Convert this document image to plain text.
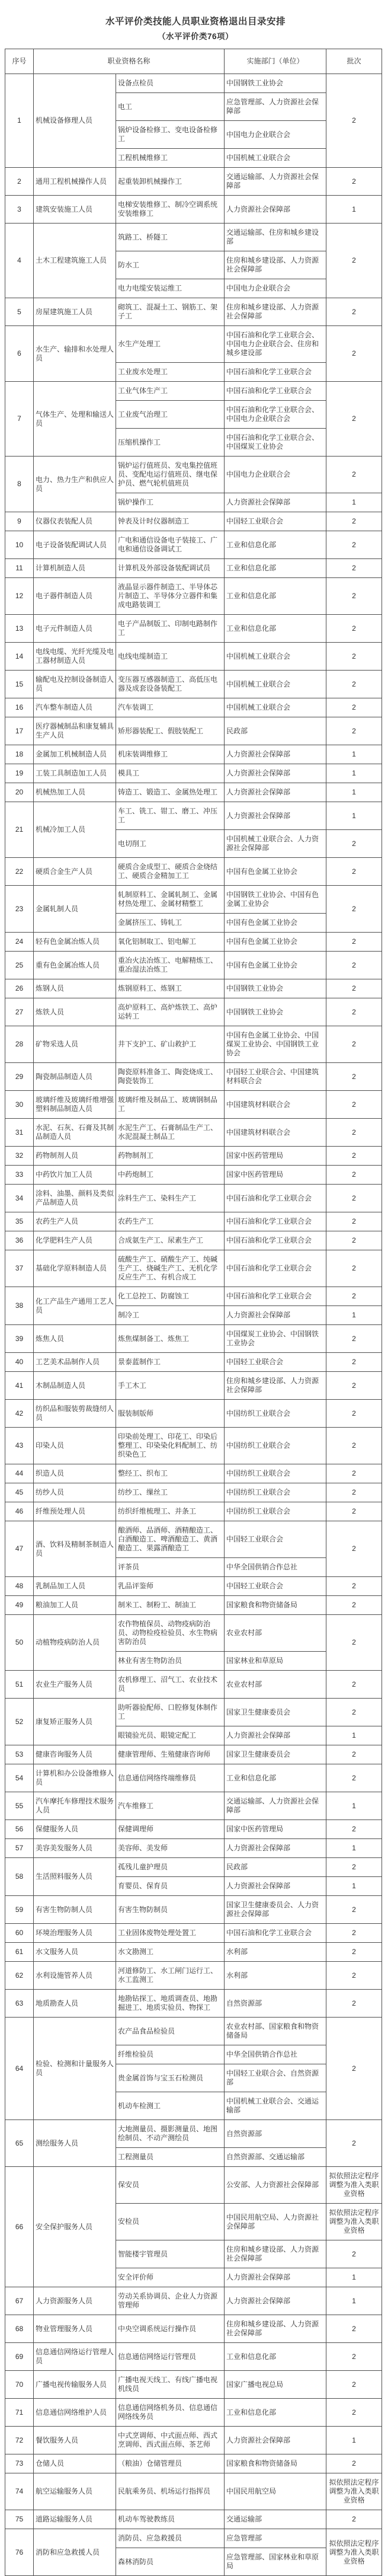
水平评价类技能人员职业资格退出目录安排
（水平评价类76项）
序号	职业资格名称		实施部门（单位）	批次
1	机械设备修理人员	设备点检员	中国钢铁工业协会	2
		电工	应急管理部、人力资源社会保障部	
		锅炉设备检修工、变电设备检修工	中国电力企业联合会	
		工程机械维修工	中国机械工业联合会	
2	通用工程机械操作人员	起重装卸机械操作工	交通运输部、人力资源社会保障部	2
3	建筑安装施工人员	电梯安装维修工、制冷空调系统安装维修工	人力资源社会保障部	1
4	土木工程建筑施工人员	筑路工、桥隧工	交通运输部、住房和城乡建设部	2
		防水工	住房和城乡建设部、人力资源社会保障部	
		电力电缆安装运维工	中国电力企业联合会	
5	房屋建筑施工人员	砌筑工、混凝土工、钢筋工、架子工	住房和城乡建设部、人力资源社会保障部	2
6	水生产、输排和水处理人员	水生产处理工	中国石油和化学工业联合会、中国电力企业联合会、住房和城乡建设部	2
		工业废水处理工	中国石油和化学工业联合会	
7	气体生产、处理和输送人员	工业气体生产工	中国石油和化学工业联合会	2
		工业废气治理工	中国石油和化学工业联合会、中国电力企业联合会	
		压缩机操作工	中国石油和化学工业联合会、中国煤炭工业协会	
8	电力、热力生产和供应人员	锅炉运行值班员、发电集控值班员、变配电运行值班员、继电保护员、燃气轮机值班员	中国电力企业联合会	2
		锅炉操作工	人力资源社会保障部	1
9	仪器仪表装配人员	钟表及计时仪器制造工	中国轻工业联合会	2
10	电子设备装配调试人员	广电和通信设备电子装接工、广电和通信设备调试工	工业和信息化部	2
11	计算机制造人员	计算机及外部设备装配调试员	工业和信息化部	2
12	电子器件制造人员	液晶显示器件制造工、半导体芯片制造工、半导体分立器件和集成电路装调工	工业和信息化部	2
13	电子元件制造人员	电子产品制版工、印制电路制作工	工业和信息化部	2
14	电线电缆、光纤光缆及电工器材制造人员	电线电缆制造工	中国机械工业联合会	2
15	输配电及控制设备制造人员	变压器互感器制造工、高低压电器及成套设备装配工	中国机械工业联合会	2
16	汽车整车制造人员	汽车装调工	中国机械工业联合会	2
17	医疗器械制品和康复辅具生产人员	矫形器装配工、假肢装配工	民政部	2
18	金属加工机械制造人员	机床装调维修工	人力资源社会保障部	1
19	工装工具制造加工人员	模具工	人力资源社会保障部	1
20	机械热加工人员	铸造工、锻造工、金属热处理工	人力资源社会保障部	1
21	机械冷加工人员	车工、铣工、钳工、磨工、冲压工	人力资源社会保障部	1
		电切削工	中国机械工业联合会、人力资源社会保障部	2
22	硬质合金生产人员	硬质合金成型工、硬质合金烧结工、硬质合金精加工工	中国有色金属工业协会	2
23	金属轧制人员	轧制原料工、金属轧制工、金属材热处理工、金属材精整工	中国钢铁工业协会、中国有色金属工业协会	2
		金属挤压工、铸轧工	中国有色金属工业协会	
24	轻有色金属冶炼人员	氧化铝制取工、铝电解工	中国有色金属工业协会	2
25	重有色金属冶炼人员	重冶火法冶炼工、电解精炼工、重冶湿法冶炼工	中国有色金属工业协会	2
26	炼钢人员	炼钢原料工、炼钢工	中国钢铁工业协会	2
27	炼铁人员	高炉原料工、高炉炼铁工、高炉运转工	中国钢铁工业协会	2
28	矿物采选人员	井下支护工、矿山救护工	中国有色金属工业协会、中国煤炭工业协会、中国钢铁工业协会	2
29	陶瓷制品制造人员	陶瓷原料准备工、陶瓷烧成工、陶瓷装饰工	中国轻工业联合会、中国建筑材料联合会	2
30	玻璃纤维及玻璃纤维增强塑料制品制造人员	玻璃纤维及制品工、玻璃钢制品工	中国建筑材料联合会	2
31	水泥、石灰、石膏及其制品制造人员	水泥生产工、石膏制品生产工、水泥混凝土制品工	中国建筑材料联合会	2
32	药物制剂人员	药物制剂工	国家中医药管理局	2
33	中药饮片加工人员	中药炮制工	国家中医药管理局	2
34	涂料、油墨、颜料及类似产品制造人员	涂料生产工、染料生产工	中国石油和化学工业联合会	2
35	农药生产人员	农药生产工	中国石油和化学工业联合会	2
36	化学肥料生产人员	合成氨生产工、尿素生产工	中国石油和化学工业联合会	2
37	基础化学原料制造人员	硫酸生产工、硝酸生产工、纯碱生产工、烧碱生产工、无机化学反应生产工、有机合成工	中国石油和化学工业联合会	2
38	化工产品生产通用工艺人员	化工总控工、防腐蚀工	中国石油和化学工业联合会	2
		制冷工	人力资源社会保障部	1
39	炼焦人员	炼焦煤制备工、炼焦工	中国煤炭工业协会、中国钢铁工业协会	2
40	工艺美术品制作人员	景泰蓝制作工	中国轻工业联合会	2
41	木制品制造人员	手工木工	住房和城乡建设部、人力资源社会保障部	2
42	纺织品和服装剪裁缝纫人员	服装制版师	中国纺织工业联合会	2
43	印染人员	印染前处理工、印花工、印染后整理工、印染染化料配制工、纺织染色工	中国纺织工业联合会	2
44	织造人员	整经工、织布工	中国纺织工业联合会	2
45	纺纱人员	纺纱工、缫丝工	中国纺织工业联合会	2
46	纤维预处理人员	纺织纤维梳理工、并条工	中国纺织工业联合会	2
47	酒、饮料及精制茶制造人员	酿酒师、品酒师、酒精酿造工、白酒酿造工、啤酒酿造工、黄酒酿造工、果露酒酿造工	中国轻工业联合会	2
		评茶员	中华全国供销合作总社	
48	乳制品加工人员	乳品评鉴师	中国轻工业联合会	2
49	粮油加工人员	制米工、制粉工、制油工	国家粮食和物资储备局	2
50	动植物疫病防治人员	农作物植保员、动物疫病防治员、动物检疫检验员、水生物病害防治员	农业农村部	2
		林业有害生物防治员	国家林业和草原局	
51	农业生产服务人员	农机修理工、沼气工、农业技术员	农业农村部	2
52	康复矫正服务人员	助听器验配师、口腔修复体制作工	国家卫生健康委员会	2
		眼镜验光员、眼镜定配工	人力资源社会保障部	1
53	健康咨询服务人员	健康管理师、生殖健康咨询师	国家卫生健康委员会	2
54	计算机和办公设备维修人员	信息通信网络终端维修员	工业和信息化部	2
55	汽车摩托车修理技术服务人员	汽车维修工	交通运输部、人力资源社会保障部	1
56	保健服务人员	保健调理师	国家中医药管理局	2
57	美容美发服务人员	美容师、美发师	人力资源社会保障部	1
58	生活照料服务人员	孤残儿童护理员	民政部	2
		育婴员、保育员	人力资源社会保障部	1
59	有害生物防制人员	有害生物防制员	国家卫生健康委员会、人力资源社会保障部	2
60	环境治理服务人员	工业固体废物处理处置工	中国石油和化学工业联合会	2
61	水文服务人员	水文勘测工	水利部	2
62	水利设施管养人员	河道修防工、水工闸门运行工、水工监测工	水利部	2
63	地质勘查人员	地勘钻探工、地质调查员、地勘掘进工、地质实验员、物探工	自然资源部	2
64	检验、检测和计量服务人员	农产品食品检验员	农业农村部、国家粮食和物资储备局	2
		纤维检验员	中华全国供销合作总社	
		贵金属首饰与宝玉石检测员	中国轻工业联合会、自然资源部	
		机动车检测工	中国机械工业联合会、交通运输部	
65	测绘服务人员	大地测量员、摄影测量员、地图绘制员、不动产测绘员	自然资源部	2
		工程测量员	自然资源部、交通运输部	
66	安全保护服务人员	保安员	公安部、人力资源社会保障部	拟依照法定程序调整为准入类职业资格
		安检员	中国民用航空局、人力资源社会保障部	拟依照法定程序调整为准入类职业资格
		智能楼宇管理员	住房和城乡建设部、人力资源社会保障部	2
		安全评价师	人力资源社会保障部	1
67	人力资源服务人员	劳动关系协调员、企业人力资源管理师	人力资源社会保障部	1
68	物业管理服务人员	中央空调系统运行操作员	住房和城乡建设部、人力资源社会保障部	2
69	信息通信网络运行管理人员	信息通信网络运行管理员	工业和信息化部	2
70	广播电视传输服务人员	广播电视天线工、有线广播电视机线员	国家广播电视总局	2
71	信息通信网络维护人员	信息通信网络机务员、信息通信网络线务员	工业和信息化部	2
72	餐饮服务人员	中式烹调师、中式面点师、西式烹调师、西式面点师、茶艺师	人力资源社会保障部	1
73	仓储人员	（粮油）仓储管理员	国家粮食和物资储备局	2
74	航空运输服务人员	民航乘务员、机场运行指挥员	中国民用航空局	拟依照法定程序调整为准入类职业资格
75	道路运输服务人员	机动车驾驶教练员	交通运输部	2
76	消防和应急救援人员	消防员、应急救援员	应急管理部	拟依照法定程序调整为准入类职业资格
		森林消防员	应急管理部、国家林业和草原局	
